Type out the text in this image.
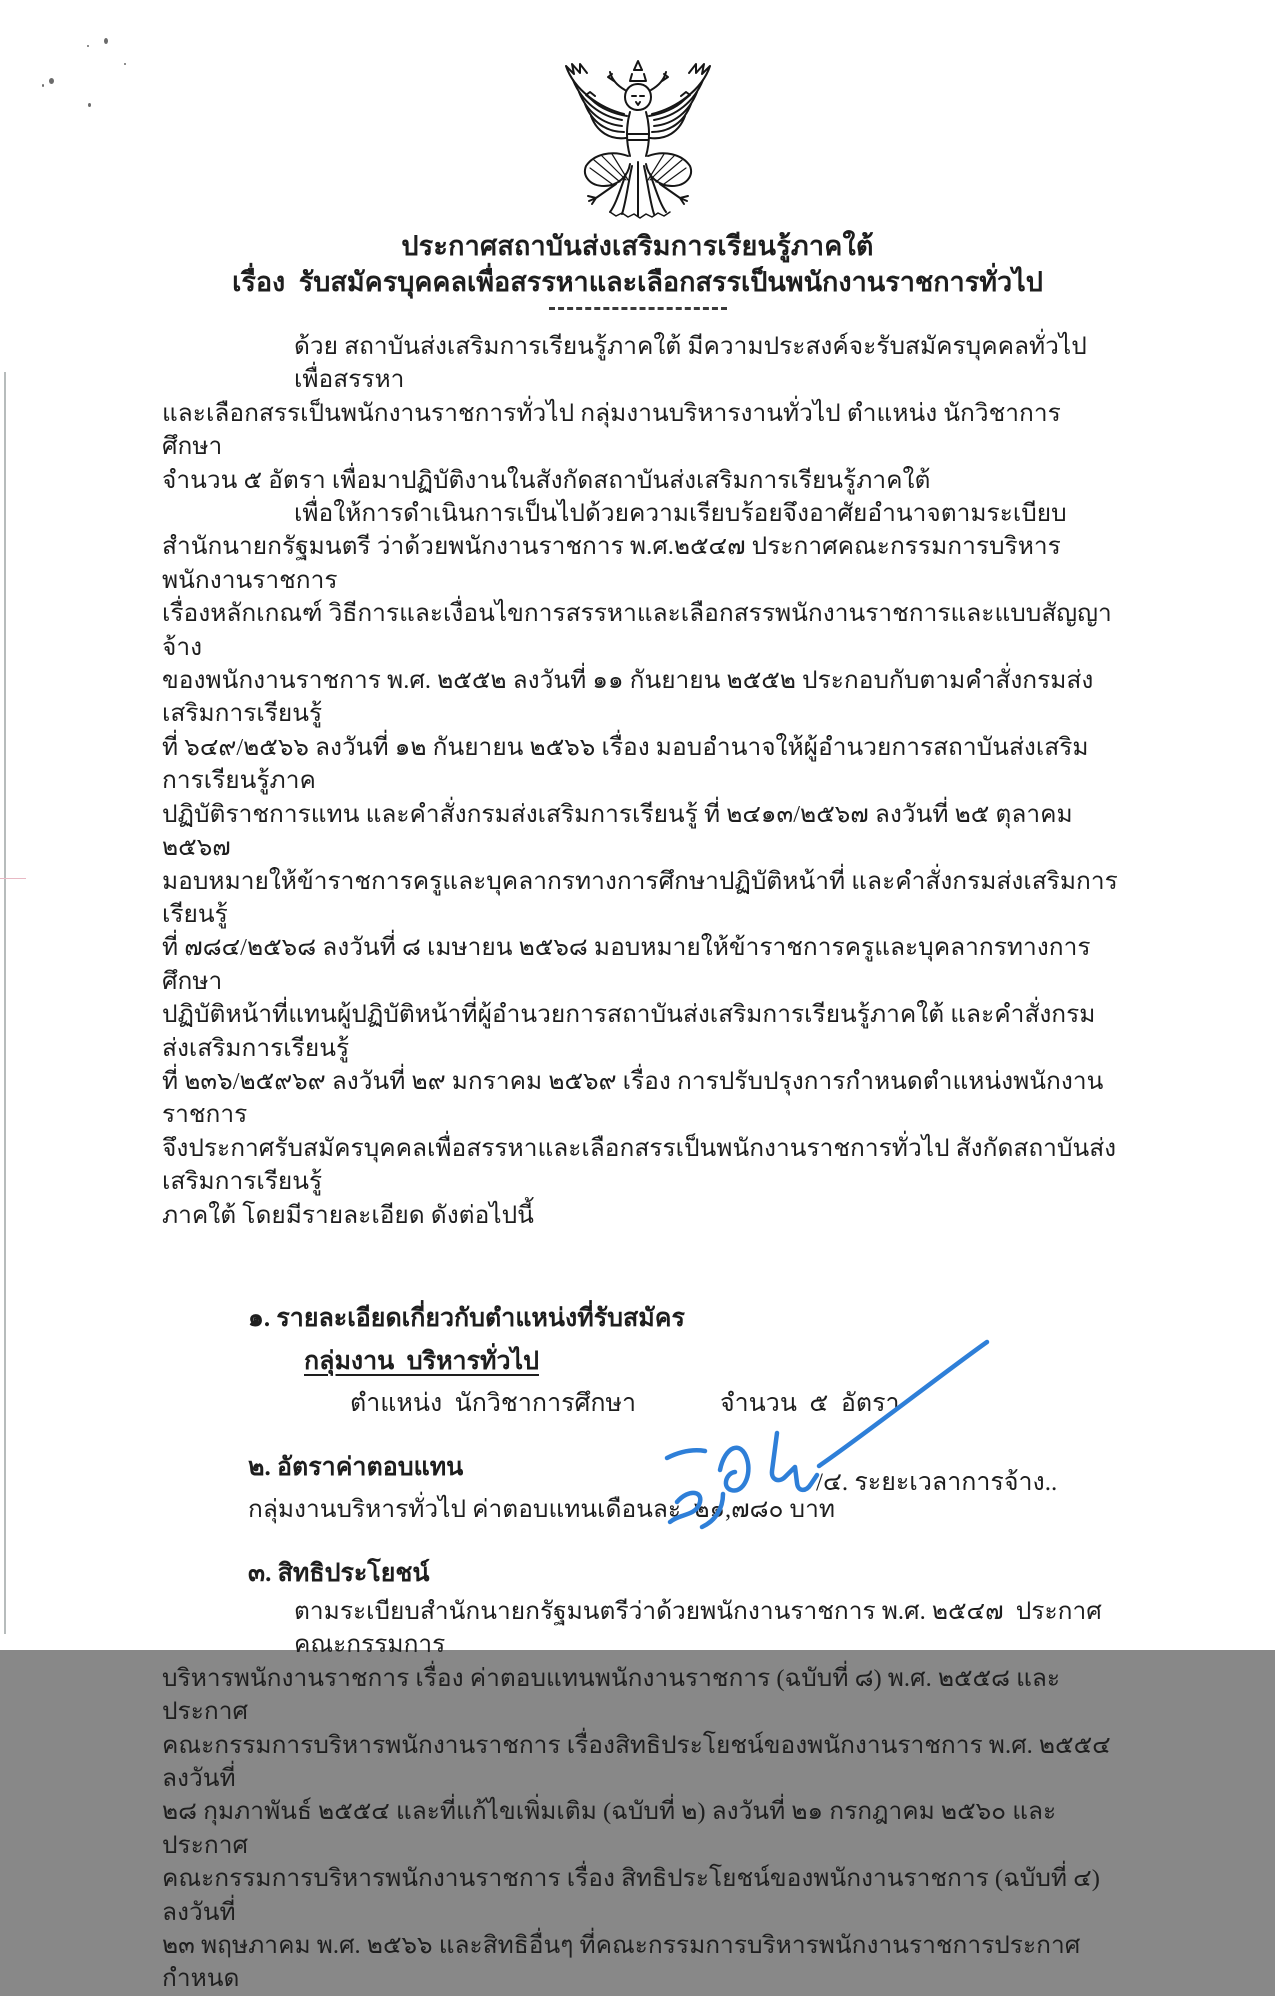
ประกาศสถาบันส่งเสริมการเรียนรู้ภาคใต้
เรื่อง  รับสมัครบุคคลเพื่อสรรหาและเลือกสรรเป็นพนักงานราชการทั่วไป
ด้วย สถาบันส่งเสริมการเรียนรู้ภาคใต้ มีความประสงค์จะรับสมัครบุคคลทั่วไป เพื่อสรรหา
และเลือกสรรเป็นพนักงานราชการทั่วไป กลุ่มงานบริหารงานทั่วไป ตำแหน่ง นักวิชาการศึกษา
จำนวน ๕ อัตรา เพื่อมาปฏิบัติงานในสังกัดสถาบันส่งเสริมการเรียนรู้ภาคใต้
เพื่อให้การดำเนินการเป็นไปด้วยความเรียบร้อยจึงอาศัยอำนาจตามระเบียบ
สำนักนายกรัฐมนตรี ว่าด้วยพนักงานราชการ พ.ศ.๒๕๔๗ ประกาศคณะกรรมการบริหารพนักงานราชการ
เรื่องหลักเกณฑ์ วิธีการและเงื่อนไขการสรรหาและเลือกสรรพนักงานราชการและแบบสัญญาจ้าง
ของพนักงานราชการ พ.ศ. ๒๕๕๒ ลงวันที่ ๑๑ กันยายน ๒๕๕๒ ประกอบกับตามคำสั่งกรมส่งเสริมการเรียนรู้
ที่ ๖๔๙/๒๕๖๖ ลงวันที่ ๑๒ กันยายน ๒๕๖๖ เรื่อง มอบอำนาจให้ผู้อำนวยการสถาบันส่งเสริมการเรียนรู้ภาค
ปฏิบัติราชการแทน และคำสั่งกรมส่งเสริมการเรียนรู้ ที่ ๒๔๑๓/๒๕๖๗ ลงวันที่ ๒๕ ตุลาคม ๒๕๖๗
มอบหมายให้ข้าราชการครูและบุคลากรทางการศึกษาปฏิบัติหน้าที่ และคำสั่งกรมส่งเสริมการเรียนรู้
ที่ ๗๘๔/๒๕๖๘ ลงวันที่ ๘ เมษายน ๒๕๖๘ มอบหมายให้ข้าราชการครูและบุคลากรทางการศึกษา
ปฏิบัติหน้าที่แทนผู้ปฏิบัติหน้าที่ผู้อำนวยการสถาบันส่งเสริมการเรียนรู้ภาคใต้ และคำสั่งกรมส่งเสริมการเรียนรู้
ที่ ๒๓๖/๒๕๙๖๙ ลงวันที่ ๒๙ มกราคม ๒๕๖๙ เรื่อง การปรับปรุงการกำหนดตำแหน่งพนักงานราชการ
จึงประกาศรับสมัครบุคคลเพื่อสรรหาและเลือกสรรเป็นพนักงานราชการทั่วไป สังกัดสถาบันส่งเสริมการเรียนรู้
ภาคใต้ โดยมีรายละเอียด ดังต่อไปนี้
๑. รายละเอียดเกี่ยวกับตำแหน่งที่รับสมัคร
กลุ่มงาน  บริหารทั่วไป
ตำแหน่ง  นักวิชาการศึกษา	จำนวน  ๕  อัตรา
๒. อัตราค่าตอบแทน
กลุ่มงานบริหารทั่วไป ค่าตอบแทนเดือนละ  ๒๑,๗๘๐ บาท
๓. สิทธิประโยชน์
ตามระเบียบสำนักนายกรัฐมนตรีว่าด้วยพนักงานราชการ พ.ศ. ๒๕๔๗  ประกาศคณะกรรมการ
บริหารพนักงานราชการ เรื่อง ค่าตอบแทนพนักงานราชการ (ฉบับที่ ๘) พ.ศ. ๒๕๕๘ และประกาศ
คณะกรรมการบริหารพนักงานราชการ เรื่องสิทธิประโยชน์ของพนักงานราชการ พ.ศ. ๒๕๕๔ ลงวันที่
๒๘ กุมภาพันธ์ ๒๕๕๔ และที่แก้ไขเพิ่มเติม (ฉบับที่ ๒) ลงวันที่ ๒๑ กรกฎาคม ๒๕๖๐ และประกาศ
คณะกรรมการบริหารพนักงานราชการ เรื่อง สิทธิประโยชน์ของพนักงานราชการ (ฉบับที่ ๔) ลงวันที่
๒๓ พฤษภาคม พ.ศ. ๒๕๖๖ และสิทธิอื่นๆ ที่คณะกรรมการบริหารพนักงานราชการประกาศกำหนด
/๔. ระยะเวลาการจ้าง..
